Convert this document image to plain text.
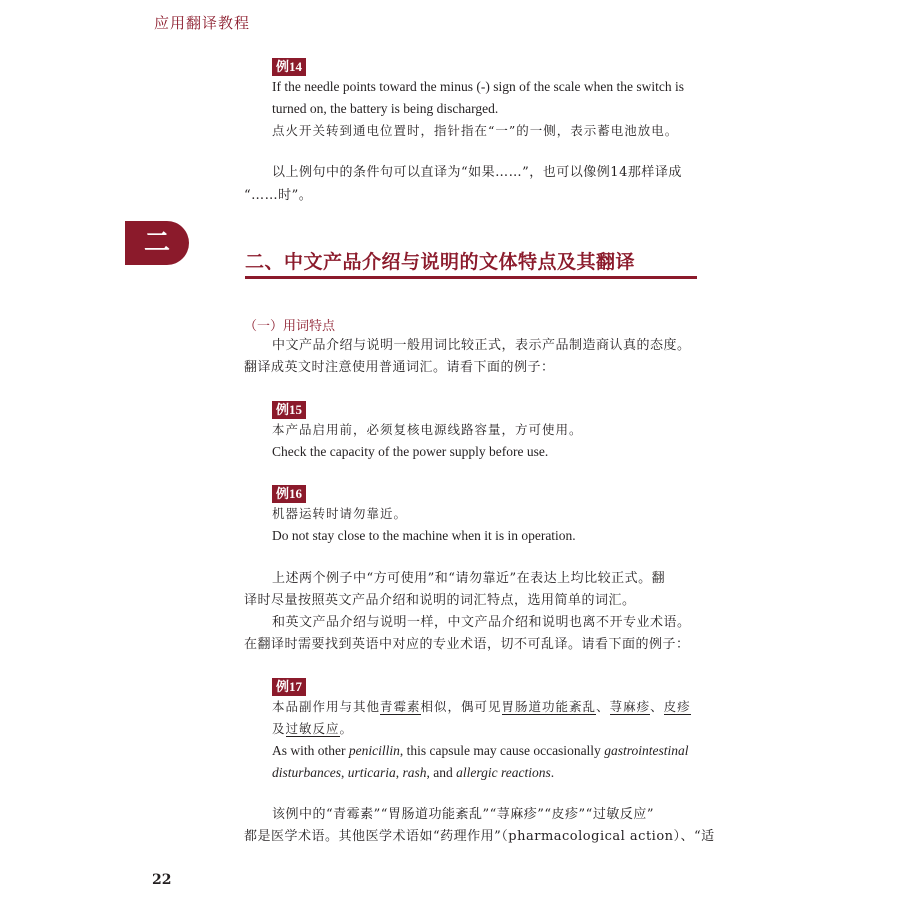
应用翻译教程
例14
If the needle points toward the minus (-) sign of the scale when the switch is
turned on, the battery is being discharged.
点火开关转到通电位置时，指针指在“一”的一侧，表示蓄电池放电。
以上例句中的条件句可以直译为“如果……”，也可以像例14那样译成
“……时”。
二
二、中文产品介绍与说明的文体特点及其翻译
（一）用词特点
中文产品介绍与说明一般用词比较正式，表示产品制造商认真的态度。
翻译成英文时注意使用普通词汇。请看下面的例子：
例15
本产品启用前，必须复核电源线路容量，方可使用。
Check the capacity of the power supply before use.
例16
机器运转时请勿靠近。
Do not stay close to the machine when it is in operation.
上述两个例子中“方可使用”和“请勿靠近”在表达上均比较正式。翻
译时尽量按照英文产品介绍和说明的词汇特点，选用简单的词汇。
和英文产品介绍与说明一样，中文产品介绍和说明也离不开专业术语。
在翻译时需要找到英语中对应的专业术语，切不可乱译。请看下面的例子：
例17
本品副作用与其他青霉素相似，偶可见胃肠道功能紊乱、荨麻疹、皮疹
及过敏反应。
As with other penicillin, this capsule may cause occasionally gastrointestinal
disturbances, urticaria, rash, and allergic reactions.
该例中的“青霉素”“胃肠道功能紊乱”“荨麻疹”“皮疹”“过敏反应”
都是医学术语。其他医学术语如“药理作用”（pharmacological action）、“适
22
